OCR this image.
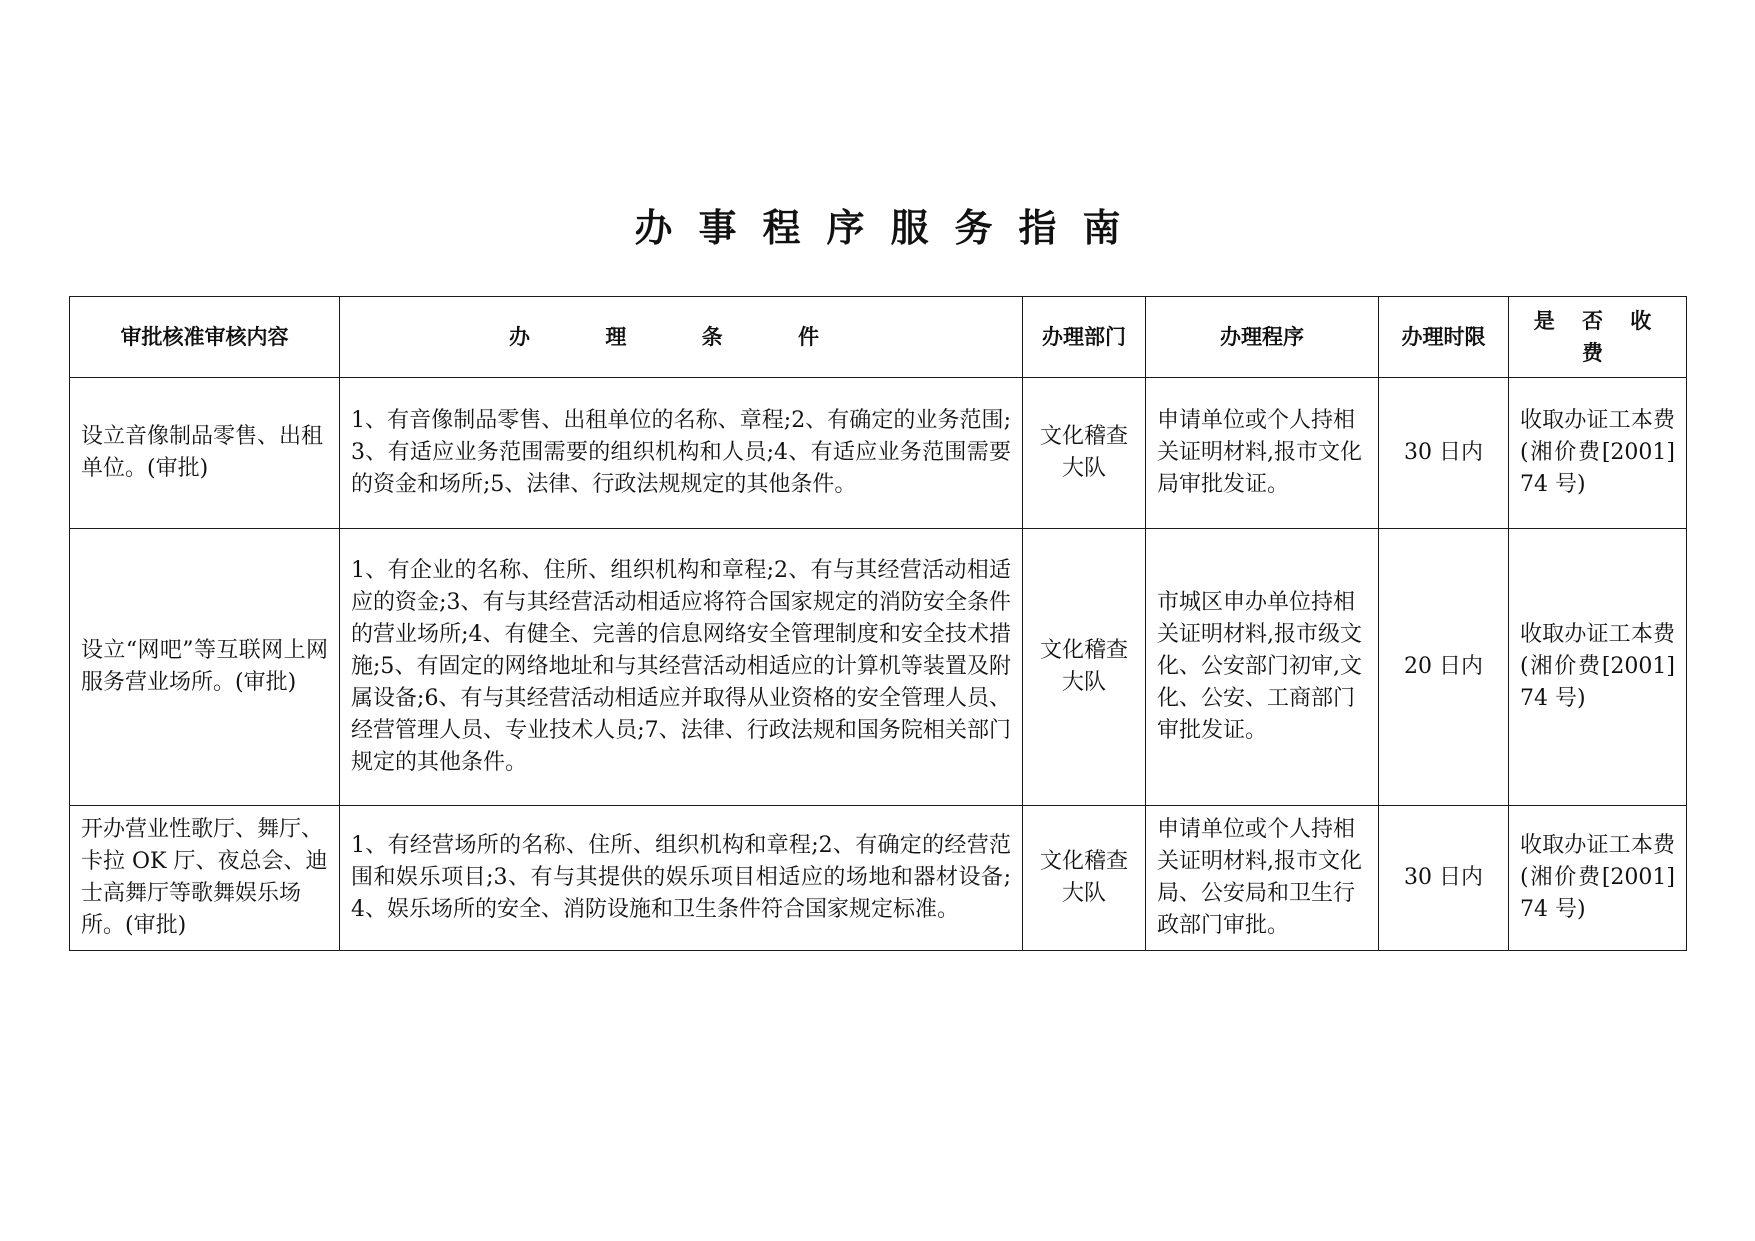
办事程序服务指南
审批核准审核内容	办 理 条 件	办理部门	办理程序	办理时限	是 否 收 费
设立音像制品零售、出租单位。(审批)	1、有音像制品零售、出租单位的名称、章程;2、有确定的业务范围;3、有适应业务范围需要的组织机构和人员;4、有适应业务范围需要的资金和场所;5、法律、行政法规规定的其他条件。	文化稽查大队	申请单位或个人持相关证明材料,报市文化局审批发证。	30 日内	收取办证工本费(湘价费[2001]74 号)
设立“网吧”等互联网上网服务营业场所。(审批)	1、有企业的名称、住所、组织机构和章程;2、有与其经营活动相适应的资金;3、有与其经营活动相适应将符合国家规定的消防安全条件的营业场所;4、有健全、完善的信息网络安全管理制度和安全技术措施;5、有固定的网络地址和与其经营活动相适应的计算机等装置及附属设备;6、有与其经营活动相适应并取得从业资格的安全管理人员、经营管理人员、专业技术人员;7、法律、行政法规和国务院相关部门规定的其他条件。	文化稽查大队	市城区申办单位持相关证明材料,报市级文化、公安部门初审,文化、公安、工商部门审批发证。	20 日内	收取办证工本费(湘价费[2001]74 号)
开办营业性歌厅、舞厅、卡拉 OK 厅、夜总会、迪士高舞厅等歌舞娱乐场所。(审批)	1、有经营场所的名称、住所、组织机构和章程;2、有确定的经营范围和娱乐项目;3、有与其提供的娱乐项目相适应的场地和器材设备;4、娱乐场所的安全、消防设施和卫生条件符合国家规定标准。	文化稽查大队	申请单位或个人持相关证明材料,报市文化局、公安局和卫生行政部门审批。	30 日内	收取办证工本费(湘价费[2001]74 号)
